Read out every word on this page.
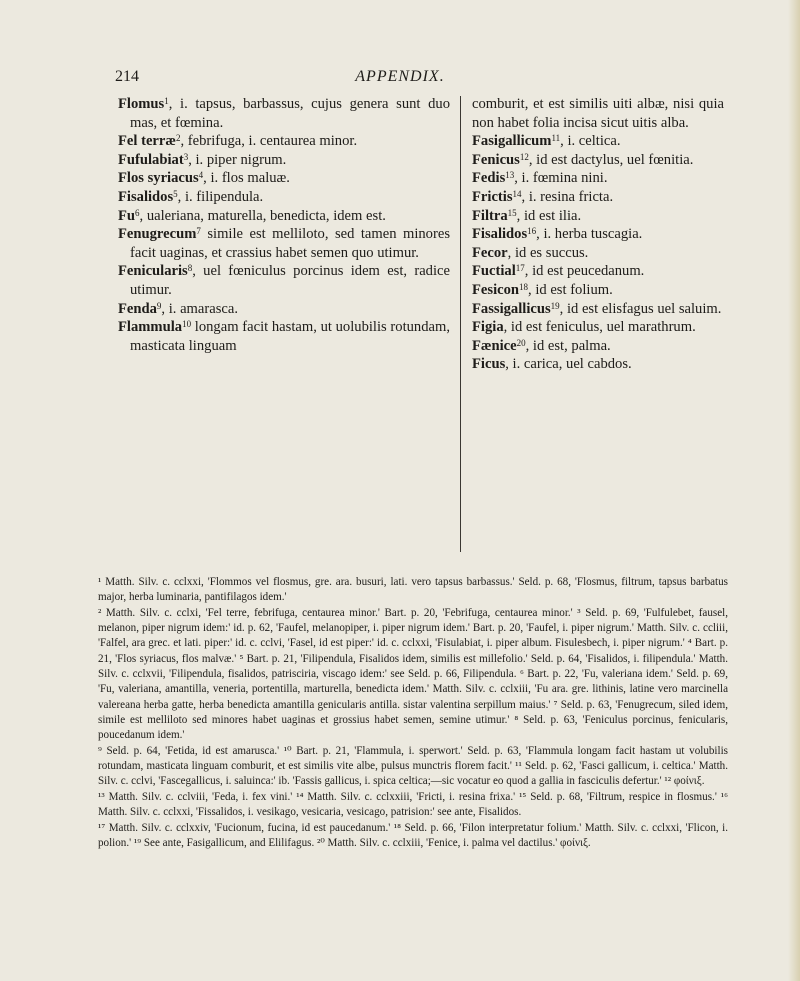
214	APPENDIX.

Flomus$^1$, i. tapsus, barbassus, cujus genera sunt duo mas, et fœmina.

Fel terræ$^2$, febrifuga, i. centaurea minor.

Fufulabiat$^3$, i. piper nigrum.

Flos syriacus$^4$, i. flos maluæ.

Fisalidos$^5$, i. filipendula.

Fu$^6$, ualeriana, maturella, benedicta, idem est.

Fenugrecum$^7$ simile est melliloto, sed tamen minores facit uaginas, et crassius habet semen quo utimur.

Fenicularis$^8$, uel fœniculus porcinus idem est, radice utimur.

Fenda$^9$, i. amarasca.

Flammula$^{10}$ longam facit hastam, ut uolubilis rotundam, masticata linguam

comburit, et est similis uiti albæ, nisi quia non habet folia incisa sicut uitis alba.

Fasigallicum$^{11}$, i. celtica.

Fenicus$^{12}$, id est dactylus, uel fœnitia.

Fedis$^{13}$, i. fœmina nini.

Frictis$^{14}$, i. resina fricta.

Filtra$^{15}$, id est ilia.

Fisalidos$^{16}$, i. herba tuscagia.

Fecor, id es succus.

Fuctial$^{17}$, id est peucedanum.

Fesicon$^{18}$, id est folium.

Fassigallicus$^{19}$, id est elisfagus uel saluim.

Figia, id est feniculus, uel marathrum.

Fænice$^{20}$, id est, palma.

Ficus, i. carica, uel cabdos.

¹ Matth. Silv. c. cclxxi, 'Flommos vel flosmus, gre. ara. busuri, lati. vero tapsus barbassus.' Seld. p. 68, 'Flosmus, filtrum, tapsus barbatus major, herba luminaria, pantifilagos idem.'

² Matth. Silv. c. cclxi, 'Fel terre, febrifuga, centaurea minor.' Bart. p. 20, 'Febrifuga, centaurea minor.' ³ Seld. p. 69, 'Fulfulebet, fausel, melanon, piper nigrum idem:' id. p. 62, 'Faufel, melanopiper, i. piper nigrum idem.' Bart. p. 20, 'Faufel, i. piper nigrum.' Matth. Silv. c. ccliii, 'Falfel, ara grec. et lati. piper:' id. c. cclvi, 'Fasel, id est piper:' id. c. cclxxi, 'Fisulabiat, i. piper album. Fisulesbech, i. piper nigrum.' ⁴ Bart. p. 21, 'Flos syriacus, flos malvæ.' ⁵ Bart. p. 21, 'Filipendula, Fisalidos idem, similis est millefolio.' Seld. p. 64, 'Fisalidos, i. filipendula.' Matth. Silv. c. cclxvii, 'Filipendula, fisalidos, patrisciria, viscago idem:' see Seld. p. 66, Filipendula. ⁶ Bart. p. 22, 'Fu, valeriana idem.' Seld. p. 69, 'Fu, valeriana, amantilla, veneria, portentilla, marturella, benedicta idem.' Matth. Silv. c. cclxiii, 'Fu ara. gre. lithinis, latine vero marcinella valereana herba gatte, herba benedicta amantilla genicularis antilla. sistar valentina serpillum maius.' ⁷ Seld. p. 63, 'Fenugrecum, siled idem, simile est melliloto sed minores habet uaginas et grossius habet semen, semine utimur.' ⁸ Seld. p. 63, 'Feniculus porcinus, fenicularis, poucedanum idem.'

⁹ Seld. p. 64, 'Fetida, id est amarusca.' ¹⁰ Bart. p. 21, 'Flammula, i. sperwort.' Seld. p. 63, 'Flammula longam facit hastam ut volubilis rotundam, masticata linguam comburit, et est similis vite albe, pulsus munctris florem facit.' ¹¹ Seld. p. 62, 'Fasci gallicum, i. celtica.' Matth. Silv. c. cclvi, 'Fascegallicus, i. saluinca:' ib. 'Fassis gallicus, i. spica celtica;—sic vocatur eo quod a gallia in fasciculis defertur.' ¹² φοίνιξ.

¹³ Matth. Silv. c. cclviii, 'Feda, i. fex vini.' ¹⁴ Matth. Silv. c. cclxxiii, 'Fricti, i. resina frixa.' ¹⁵ Seld. p. 68, 'Filtrum, respice in flosmus.' ¹⁶ Matth. Silv. c. cclxxi, 'Fissalidos, i. vesikago, vesicaria, vesicago, patrision:' see ante, Fisalidos.

¹⁷ Matth. Silv. c. cclxxiv, 'Fucionum, fucina, id est paucedanum.' ¹⁸ Seld. p. 66, 'Filon interpretatur folium.' Matth. Silv. c. cclxxi, 'Flicon, i. polion.' ¹⁹ See ante, Fasigallicum, and Elilifagus. ²⁰ Matth. Silv. c. cclxiii, 'Fenice, i. palma vel dactilus.' φοίνιξ.
